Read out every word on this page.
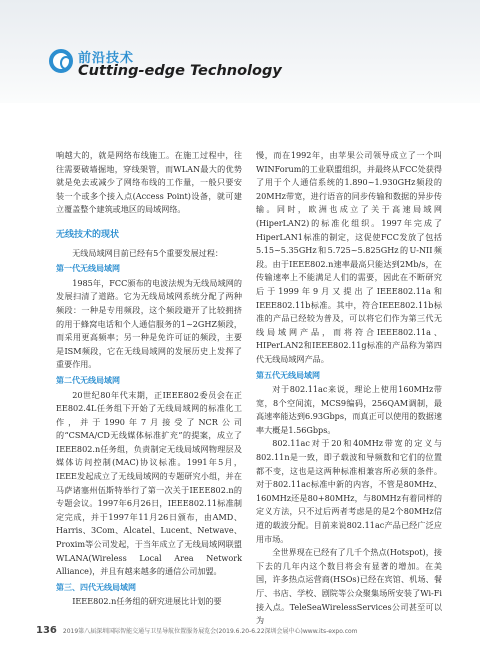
前沿技术
Cutting-edge Technology

响越大的，就是网络布线施工。在施工过程中，往往需要破墙掘地，穿线架管，而WLAN最大的优势就是免去或减少了网络布线的工作量，一般只要安装一个或多个接入点(Access Point)设备，就可建立覆盖整个建筑或地区的局域网络。

无线技术的现状

无线局域网目前已经有5个重要发展过程：

第一代无线局域网

1985年，FCC颁布的电波法规为无线局域网的发展扫清了道路。它为无线局域网系统分配了两种频段：一种是专用频段，这个频段避开了比较拥挤的用于蜂窝电话和个人通信服务的1~2GHZ频段，而采用更高频率；另一种是免许可证的频段，主要是ISM频段，它在无线局域网的发展历史上发挥了重要作用。

第二代无线局域网

20世纪80年代末期，正IEEE802委员会在正EE802.4L任务组下开始了无线局域网的标准化工作，并于1990年7月接受了NCR公司的“CSMA/CD无线媒体标准扩充”的提案，成立了IEEE802.n任务组，负责制定无线局域网物理层及媒体访问控制(MAC)协议标准。1991年5月，IEEE发起成立了无线局域网的专题研究小组，并在马萨诸塞州伍斯特举行了第一次关于IEEE802.n的专题会议。1997年6月26日，IEEE802.11标准制定完成，并于1997年11月26日颁布，由AMD、Harris、3Com、Alcatel、Lucent、Netwave、Proxim等公司发起，于当年成立了无线局域网联盟WLANA(Wireless Local Area Network Alliance)，并且有越来越多的通信公司加盟。

第三、四代无线局域网

IEEE802.n任务组的研究进展比计划的要

慢，而在1992年，由苹果公司领导成立了一个叫WINForum的工业联盟组织，并最终从FCC处获得了用于个人通信系统的1.890~1.930GHz频段的20MHz带宽，进行语音的同步传输和数据的异步传输。同时，欧洲也成立了关于高速局域网(HiperLAN2)的标准化组织。1997年完成了HiperLAN1标准的制定，这促使FCC发放了包括5.15~5.35GHz和5.725~5.825GHz的U-NII频段。由于IEEE802.n速率最高只能达到2Mb/s，在传输速率上不能满足人们的需要，因此在不断研究后于1999年9月又提出了IEEE802.11a和IEEE802.11b标准。其中，符合IEEE802.11b标准的产品已经较为普及，可以将它们作为第三代无线局域网产品，而将符合IEEE802.11a、HIPerLAN2和IEEE802.11g标准的产品称为第四代无线局域网产品。

第五代无线局域网

对于802.11ac来说，理论上使用160MHz带宽，8个空间流，MCS9编码，256QAM调制，最高速率能达到6.93Gbps，而真正可以使用的数据速率大概是1.56Gbps。

802.11ac对于20和40MHz带宽的定义与802.11n是一致，即子载波和导频数和它们的位置都不变，这也是这两种标准相兼容所必须的条件。对于802.11ac标准中新的内容，不管是80MHz、160MHz还是80+80MHz，与80MHz有着同样的定义方法，只不过后两者考虑是的是2个80MHz信道的载波分配。目前来说802.11ac产品已经广泛应用市场。

全世界现在已经有了几千个热点(Hotspot)，接下去的几年内这个数目将会有显著的增加。在美国，许多热点运营商(HSOs)已经在宾馆、机场、餐厅、书店、学校、剧院等公众聚集场所安装了Wi-Fi接入点。TeleSeaWirelessServices公司甚至可以为

136 2019第八届深圳国际智能交通与卫星导航位置服务展览会(2019.6.20-6.22深圳会展中心)www.its-expo.com
